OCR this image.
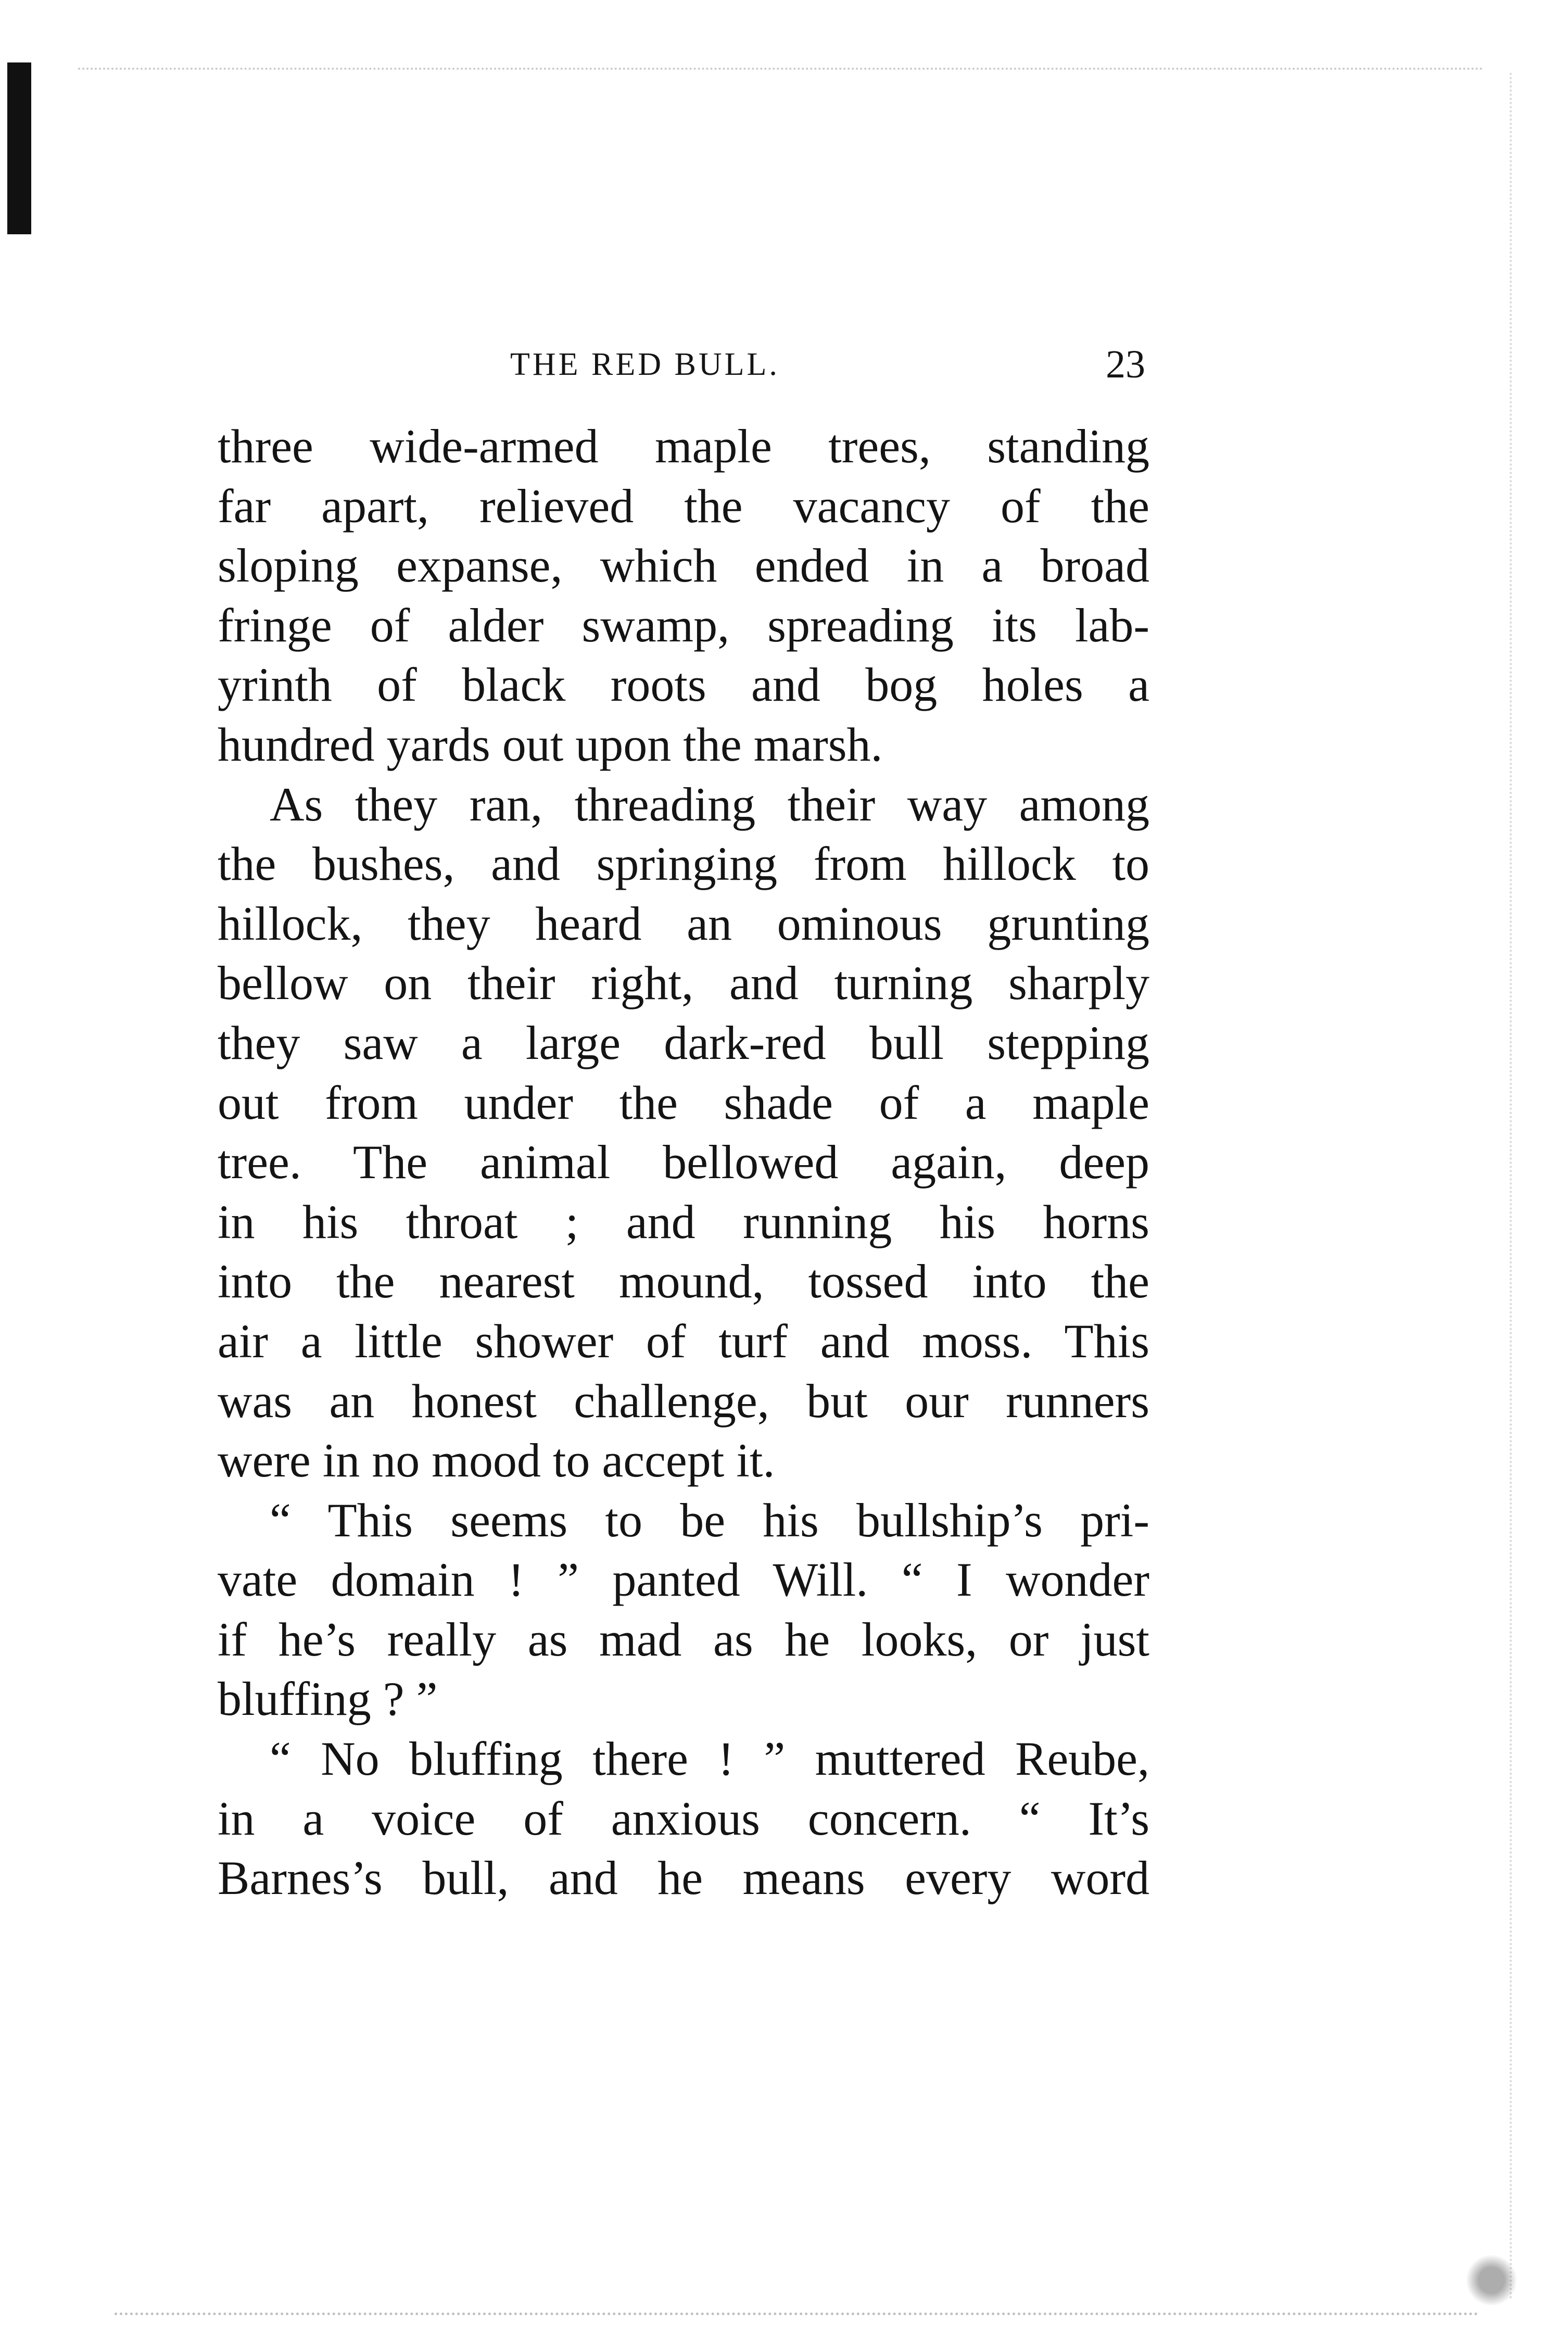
THE RED BULL.	23
three wide-armed maple trees, standing
far apart, relieved the vacancy of the
sloping expanse, which ended in a broad
fringe of alder swamp, spreading its lab-
yrinth of black roots and bog holes a
hundred yards out upon the marsh.
As they ran, threading their way among
the bushes, and springing from hillock to
hillock, they heard an ominous grunting
bellow on their right, and turning sharply
they saw a large dark-red bull stepping
out from under the shade of a maple
tree. The animal bellowed again, deep
in his throat ; and running his horns
into the nearest mound, tossed into the
air a little shower of turf and moss. This
was an honest challenge, but our runners
were in no mood to accept it.
“ This seems to be his bullship’s pri-
vate domain ! ” panted Will. “ I wonder
if he’s really as mad as he looks, or just
bluffing ? ”
“ No bluffing there ! ” muttered Reube,
in a voice of anxious concern. “ It’s
Barnes’s bull, and he means every word
